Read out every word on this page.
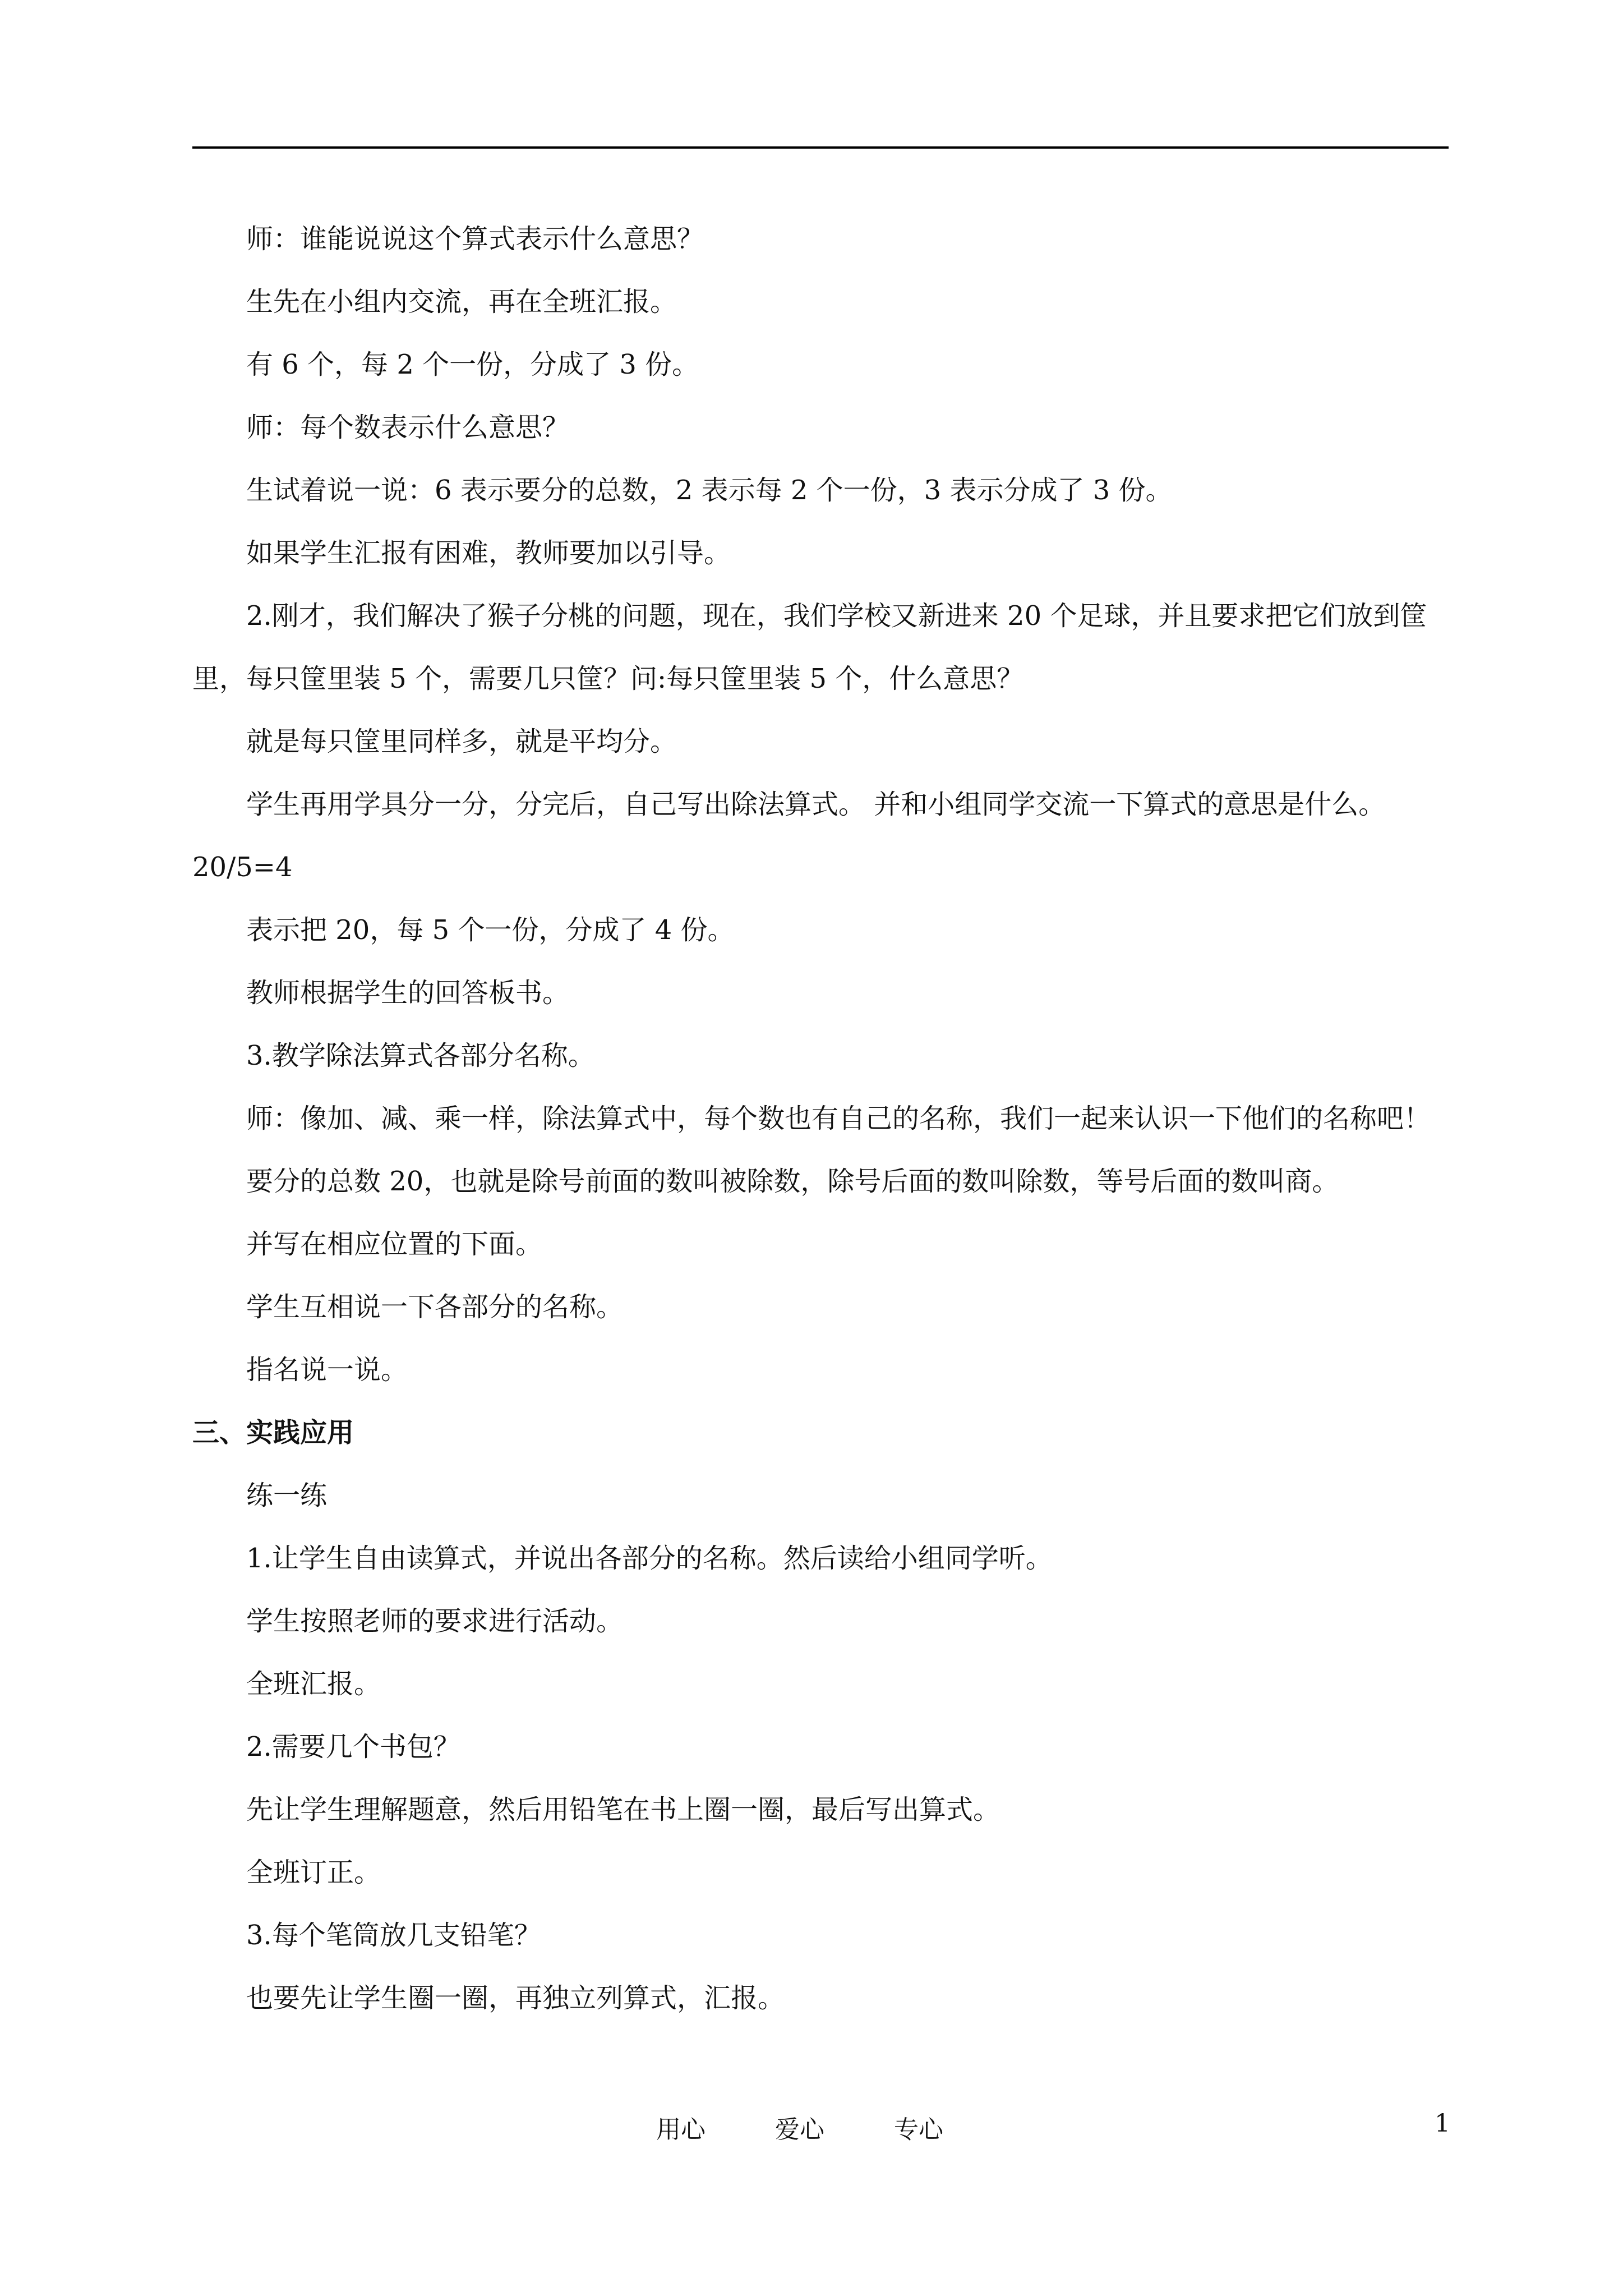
师：谁能说说这个算式表示什么意思？

生先在小组内交流，再在全班汇报。

有 6 个，每 2 个一份，分成了 3 份。

师：每个数表示什么意思？

生试着说一说：6 表示要分的总数，2 表示每 2 个一份，3 表示分成了 3 份。

如果学生汇报有困难，教师要加以引导。

2.刚才，我们解决了猴子分桃的问题，现在，我们学校又新进来 20 个足球，并且要求把它们放到筐里，每只筐里装 5 个，需要几只筐？问:每只筐里装 5 个，什么意思？

就是每只筐里同样多，就是平均分。

学生再用学具分一分，分完后，自己写出除法算式。 并和小组同学交流一下算式的意思是什么。

20/5=4

表示把 20，每 5 个一份，分成了 4 份。

教师根据学生的回答板书。

3.教学除法算式各部分名称。

师：像加、减、乘一样，除法算式中，每个数也有自己的名称，我们一起来认识一下他们的名称吧！

要分的总数 20，也就是除号前面的数叫被除数，除号后面的数叫除数，等号后面的数叫商。

并写在相应位置的下面。

学生互相说一下各部分的名称。

指名说一说。

三、实践应用

练一练

1.让学生自由读算式，并说出各部分的名称。然后读给小组同学听。

学生按照老师的要求进行活动。

全班汇报。

2.需要几个书包？

先让学生理解题意，然后用铅笔在书上圈一圈，最后写出算式。

全班订正。

3.每个笔筒放几支铅笔？

也要先让学生圈一圈，再独立列算式，汇报。

用心	爱心	专心	1
